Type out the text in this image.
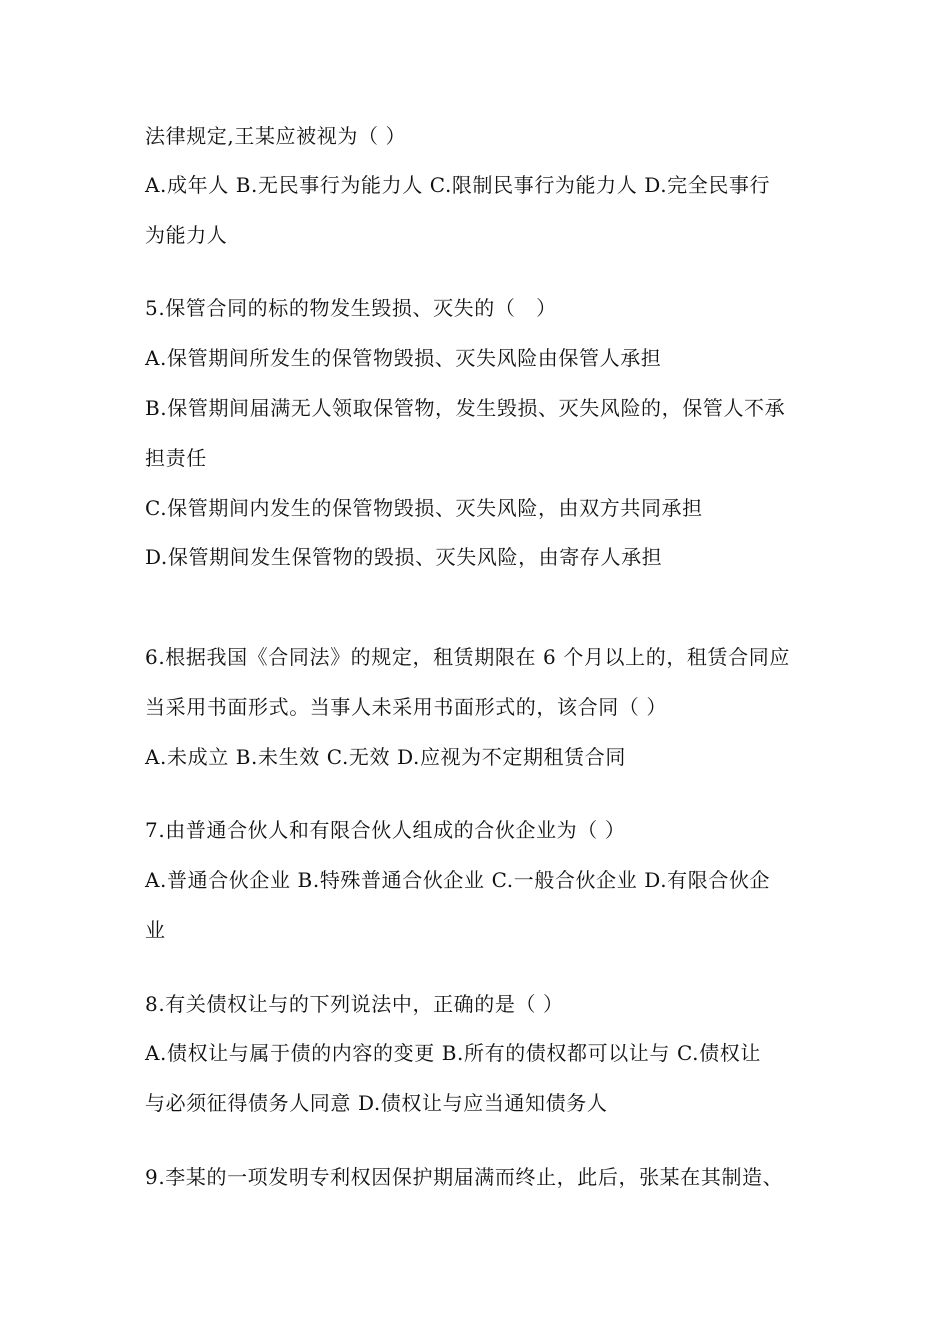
法律规定,王某应被视为（ ）
A.成年人 B.无民事行为能力人 C.限制民事行为能力人 D.完全民事行
为能力人
5.保管合同的标的物发生毁损、灭失的（　）
A.保管期间所发生的保管物毁损、灭失风险由保管人承担
B.保管期间届满无人领取保管物，发生毁损、灭失风险的，保管人不承
担责任
C.保管期间内发生的保管物毁损、灭失风险，由双方共同承担
D.保管期间发生保管物的毁损、灭失风险，由寄存人承担
6.根据我国《合同法》的规定，租赁期限在 6 个月以上的，租赁合同应
当采用书面形式。当事人未采用书面形式的，该合同（ ）
A.未成立 B.未生效 C.无效 D.应视为不定期租赁合同
7.由普通合伙人和有限合伙人组成的合伙企业为（ ）
A.普通合伙企业 B.特殊普通合伙企业 C.一般合伙企业 D.有限合伙企
业
8.有关债权让与的下列说法中，正确的是（ ）
A.债权让与属于债的内容的变更 B.所有的债权都可以让与 C.债权让
与必须征得债务人同意 D.债权让与应当通知债务人
9.李某的一项发明专利权因保护期届满而终止，此后，张某在其制造、
